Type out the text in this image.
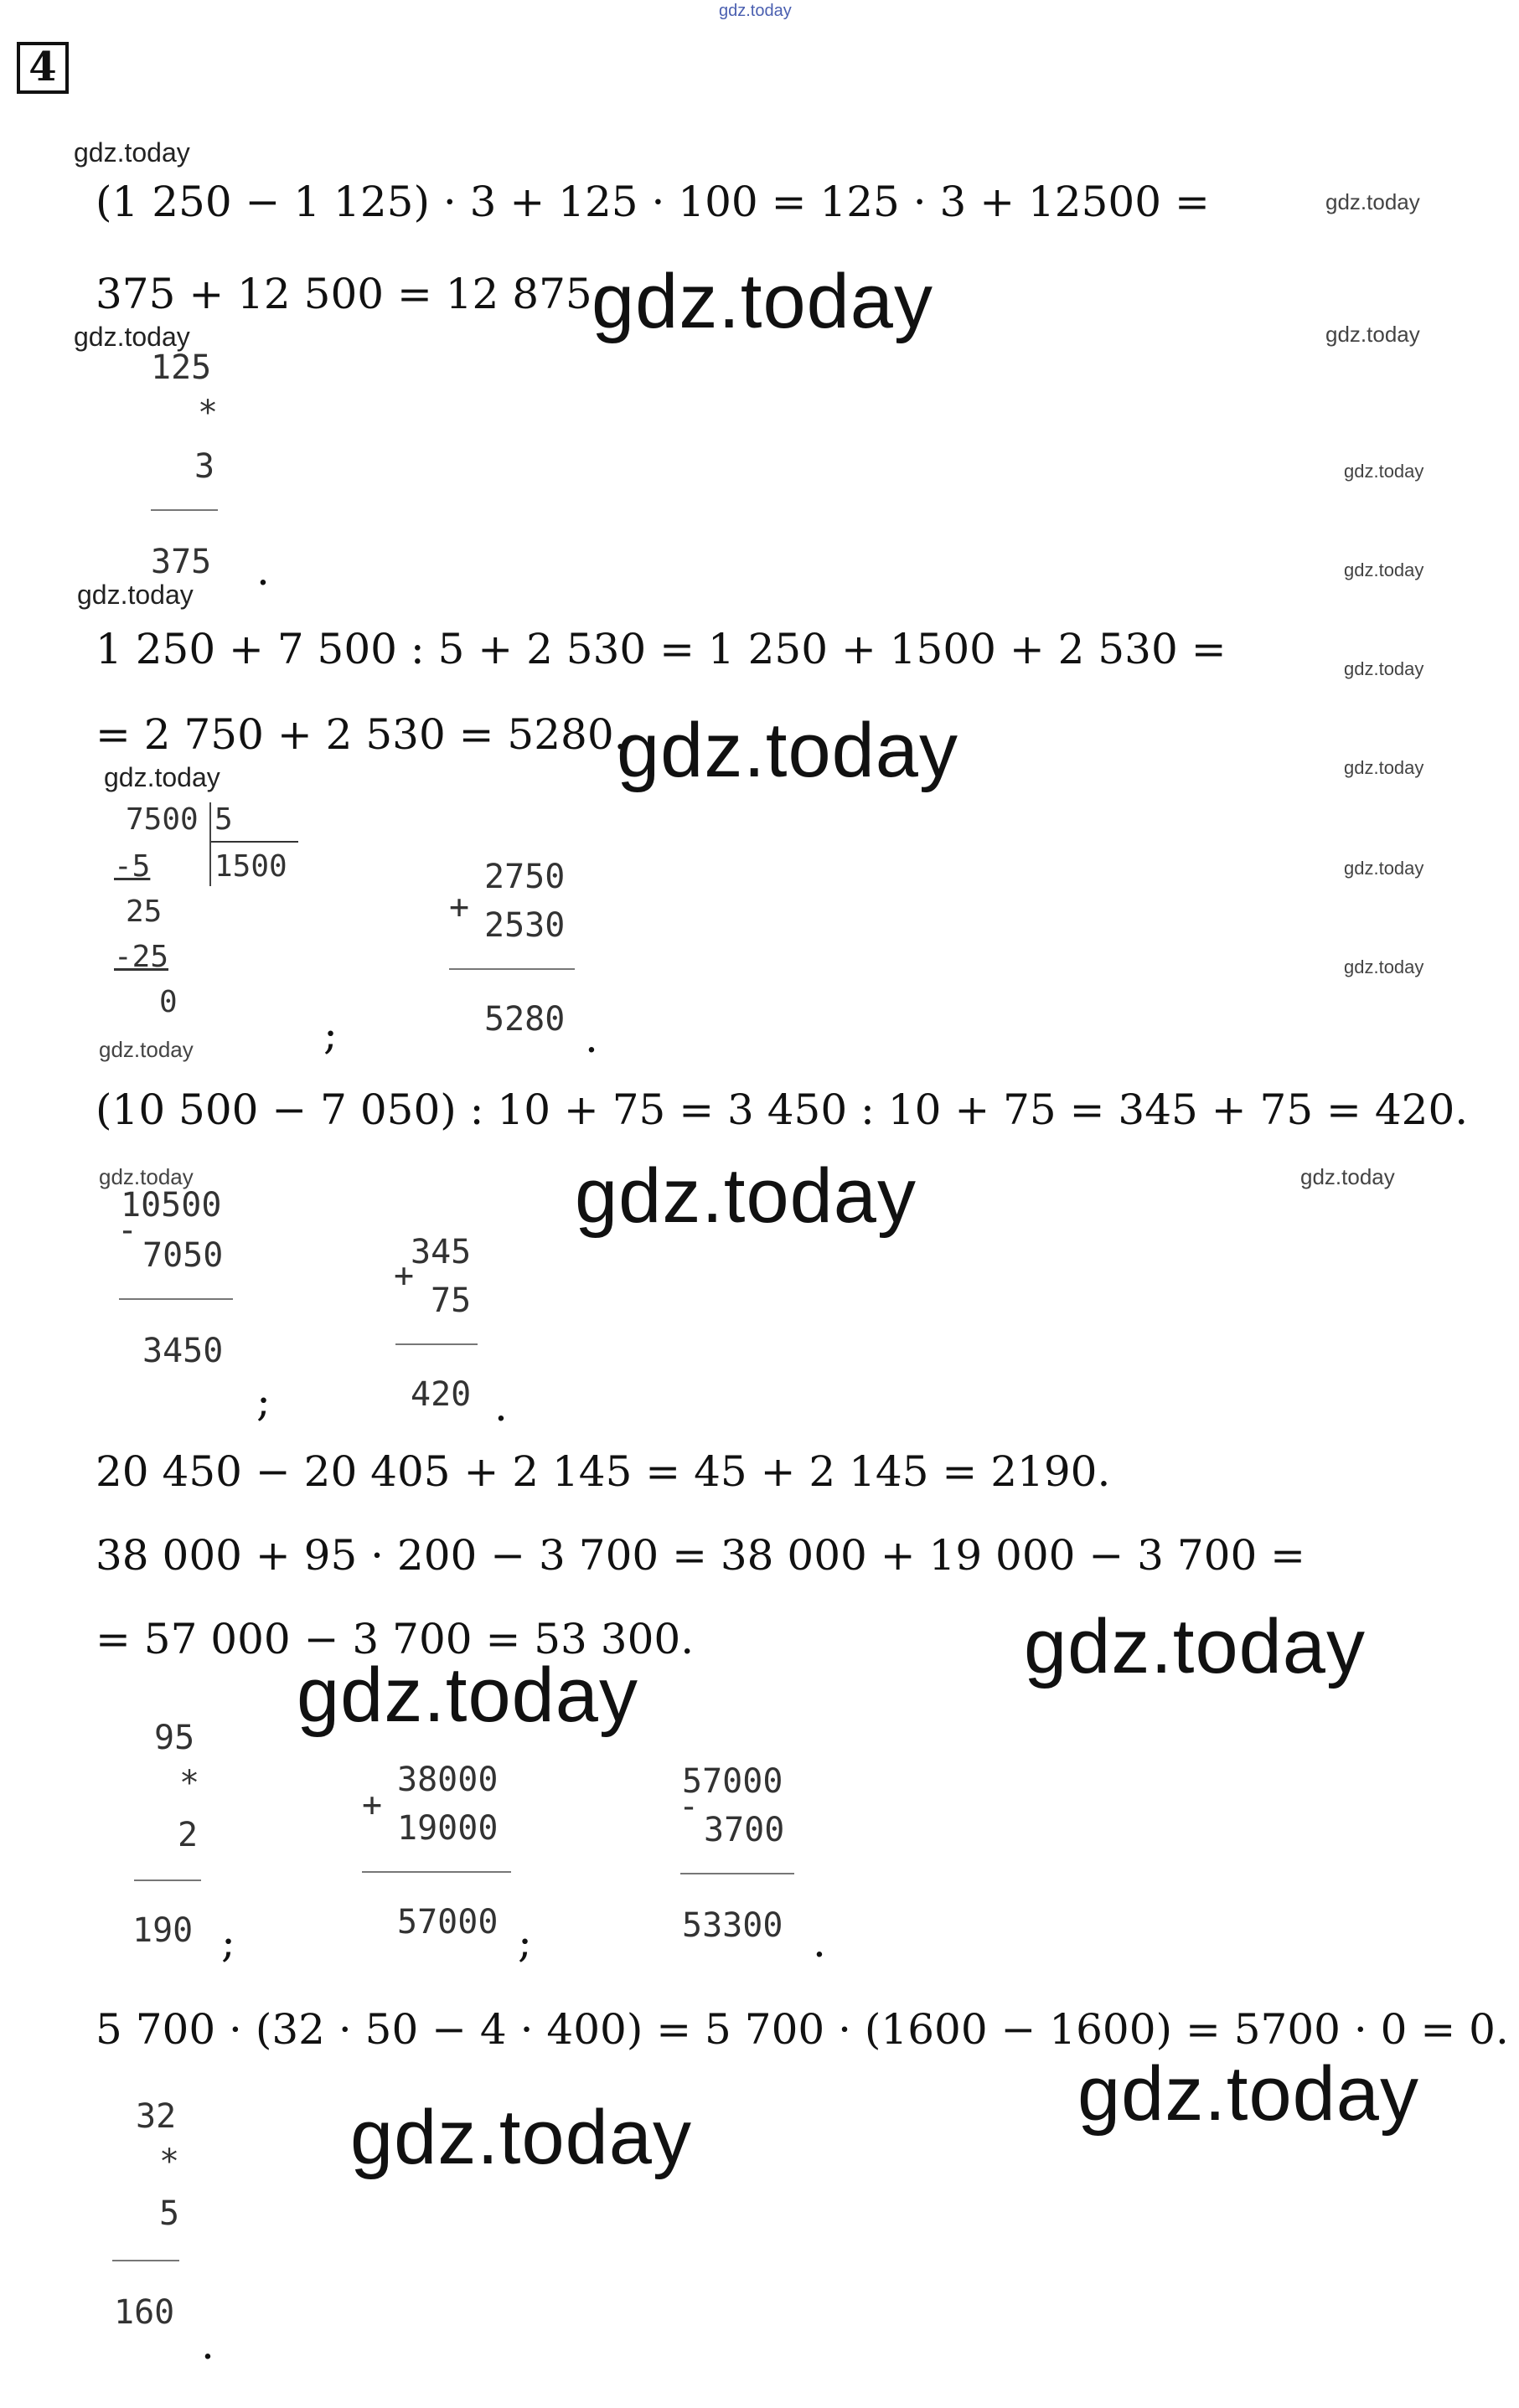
gdz.today
4
gdz.today
gdz.today
(1 250 − 1 125) · 3 + 125 · 100 = 125 · 3 + 12500 =
375 + 12 500 = 12 875.
gdz.today
gdz.today	gdz.today
125
*
3
375 .
gdz.today
gdz.today
gdz.today
1 250 + 7 500 : 5 + 2 530 = 1 250 + 1500 + 2 530 =	gdz.today
= 2 750 + 2 530 = 5280.
gdz.today	gdz.today
gdz.today
7500 5
1500
-5
25
-25
0
;
gdz.today
+
2750
2530
5280 .
gdz.today
gdz.today
(10 500 − 7 050) : 10 + 75 = 3 450 : 10 + 75 = 345 + 75 = 420.
gdz.today	gdz.today
gdz.today
10500
-
7050
3450
;
345
+
75
420 .
20 450 − 20 405 + 2 145 = 45 + 2 145 = 2190.
38 000 + 95 · 200 − 3 700 = 38 000 + 19 000 − 3 700 =
= 57 000 − 3 700 = 53 300.	gdz.today
gdz.today
95
*
2
190 ;
38000
+
19000
57000 ;
57000
-
3700
53300 .
5 700 · (32 · 50 − 4 · 400) = 5 700 · (1600 − 1600) = 5700 · 0 = 0.
gdz.today
gdz.today
32
*
5
160
.
